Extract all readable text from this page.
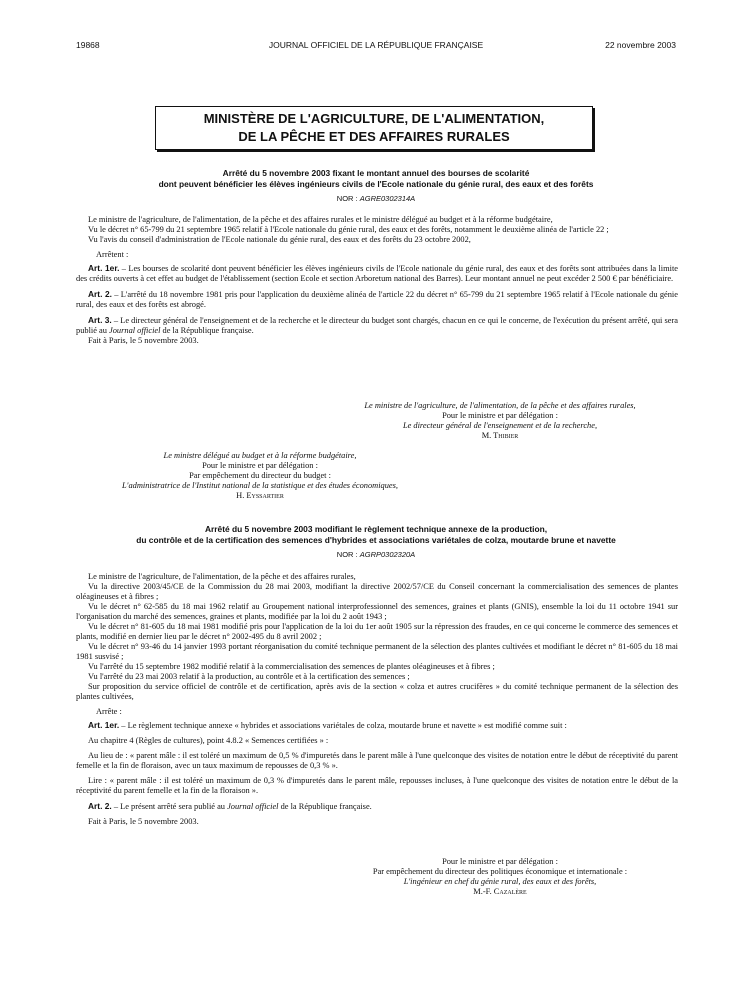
19868	JOURNAL OFFICIEL DE LA RÉPUBLIQUE FRANÇAISE	22 novembre 2003
MINISTÈRE DE L'AGRICULTURE, DE L'ALIMENTATION,
DE LA PÊCHE ET DES AFFAIRES RURALES
Arrêté du 5 novembre 2003 fixant le montant annuel des bourses de scolarité
dont peuvent bénéficier les élèves ingénieurs civils de l'Ecole nationale du génie rural, des eaux et des forêts
NOR : AGRE0302314A

Le ministre de l'agriculture, de l'alimentation, de la pêche et des affaires rurales et le ministre délégué au budget et à la réforme budgétaire,

Vu le décret n° 65-799 du 21 septembre 1965 relatif à l'Ecole nationale du génie rural, des eaux et des forêts, notamment le deuxième alinéa de l'article 22 ;

Vu l'avis du conseil d'administration de l'Ecole nationale du génie rural, des eaux et des forêts du 23 octobre 2002,

Arrêtent :

Art. 1er. – Les bourses de scolarité dont peuvent bénéficier les élèves ingénieurs civils de l'Ecole nationale du génie rural, des eaux et des forêts sont attribuées dans la limite des crédits ouverts à cet effet au budget de l'établissement (section Ecole et section Arboretum national des Barres). Leur montant annuel ne peut excéder 2 500 € par bénéficiaire.

Art. 2. – L'arrêté du 18 novembre 1981 pris pour l'application du deuxième alinéa de l'article 22 du décret n° 65-799 du 21 septembre 1965 relatif à l'Ecole nationale du génie rural, des eaux et des forêts est abrogé.

Art. 3. – Le directeur général de l'enseignement et de la recherche et le directeur du budget sont chargés, chacun en ce qui le concerne, de l'exécution du présent arrêté, qui sera publié au Journal officiel de la République française.

Fait à Paris, le 5 novembre 2003.

Le ministre de l'agriculture, de l'alimentation, de la pêche et des affaires rurales,
Pour le ministre et par délégation :
Le directeur général de l'enseignement et de la recherche,
M. Thibier
Le ministre délégué au budget et à la réforme budgétaire,
Pour le ministre et par délégation :
Par empêchement du directeur du budget :
L'administratrice de l'Institut national de la statistique et des études économiques,
H. Eyssartier
Arrêté du 5 novembre 2003 modifiant le règlement technique annexe de la production,
du contrôle et de la certification des semences d'hybrides et associations variétales de colza, moutarde brune et navette
NOR : AGRP0302320A

Le ministre de l'agriculture, de l'alimentation, de la pêche et des affaires rurales,

Vu la directive 2003/45/CE de la Commission du 28 mai 2003, modifiant la directive 2002/57/CE du Conseil concernant la commercialisation des semences de plantes oléagineuses et à fibres ;

Vu le décret n° 62-585 du 18 mai 1962 relatif au Groupement national interprofessionnel des semences, graines et plants (GNIS), ensemble la loi du 11 octobre 1941 sur l'organisation du marché des semences, graines et plants, modifiée par la loi du 2 août 1943 ;

Vu le décret n° 81-605 du 18 mai 1981 modifié pris pour l'application de la loi du 1er août 1905 sur la répression des fraudes, en ce qui concerne le commerce des semences et plants, modifié en dernier lieu par le décret n° 2002-495 du 8 avril 2002 ;

Vu le décret n° 93-46 du 14 janvier 1993 portant réorganisation du comité technique permanent de la sélection des plantes cultivées et modifiant le décret n° 81-605 du 18 mai 1981 susvisé ;

Vu l'arrêté du 15 septembre 1982 modifié relatif à la commercialisation des semences de plantes oléagineuses et à fibres ;

Vu l'arrêté du 23 mai 2003 relatif à la production, au contrôle et à la certification des semences ;

Sur proposition du service officiel de contrôle et de certification, après avis de la section « colza et autres crucifères » du comité technique permanent de la sélection des plantes cultivées,

Arrête :

Art. 1er. – Le règlement technique annexe « hybrides et associations variétales de colza, moutarde brune et navette » est modifié comme suit :

Au chapitre 4 (Règles de cultures), point 4.8.2 « Semences certifiées » :

Au lieu de : « parent mâle : il est toléré un maximum de 0,5 % d'impuretés dans le parent mâle à l'une quelconque des visites de notation entre le début de réceptivité du parent femelle et la fin de floraison, avec un taux maximum de repousses de 0,3 % ».

Lire : « parent mâle : il est toléré un maximum de 0,3 % d'impuretés dans le parent mâle, repousses incluses, à l'une quelconque des visites de notation entre le début de la réceptivité du parent femelle et la fin de la floraison ».

Art. 2. – Le présent arrêté sera publié au Journal officiel de la République française.

Fait à Paris, le 5 novembre 2003.

Pour le ministre et par délégation :
Par empêchement du directeur des politiques économique et internationale :
L'ingénieur en chef du génie rural, des eaux et des forêts,
M.-F. Cazalère
